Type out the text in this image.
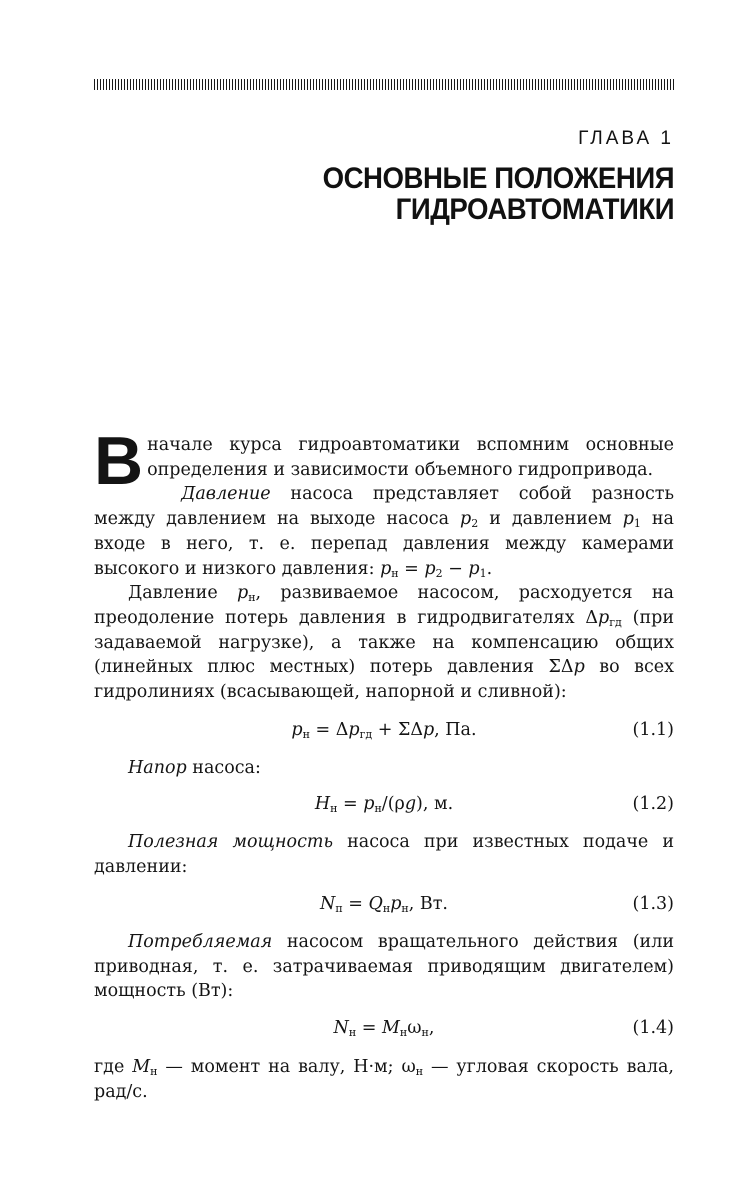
ГЛАВА 1
ОСНОВНЫЕ ПОЛОЖЕНИЯ
ГИДРОАВТОМАТИКИ

Вначале курса гидроавтоматики вспомним основные определения и зависимости объемного гидропривода.

Давление насоса представляет собой разность между давлением на выходе насоса $p_2$ и давлением $p_1$ на входе в него, т. е. перепад давления между камерами высокого и низкого давления: $p_н = p_2 - p_1$.

Давление $p_н$, развиваемое насосом, расходуется на преодоление потерь давления в гидродвигателях $\Delta p_{гд}$ (при задаваемой нагрузке), а также на компенсацию общих (линейных плюс местных) потерь давления ΣΔp во всех гидролиниях (всасывающей, напорной и сливной):

$p_н = \Delta p_{гд} + \Sigma\Delta p$, Па.	(1.1)

Напор насоса:

$H_н = p_н/(\rho g)$, м.	(1.2)

Полезная мощность насоса при известных подаче и давлении:

$N_п = Q_нp_н$, Вт.	(1.3)

Потребляемая насосом вращательного действия (или приводная, т. е. затрачиваемая приводящим двигателем) мощность (Вт):

$N_н = M_н\omega_н$,	(1.4)

где $M_н$ — момент на валу, Н·м; $\omega_н$ — угловая скорость вала, рад/с.
